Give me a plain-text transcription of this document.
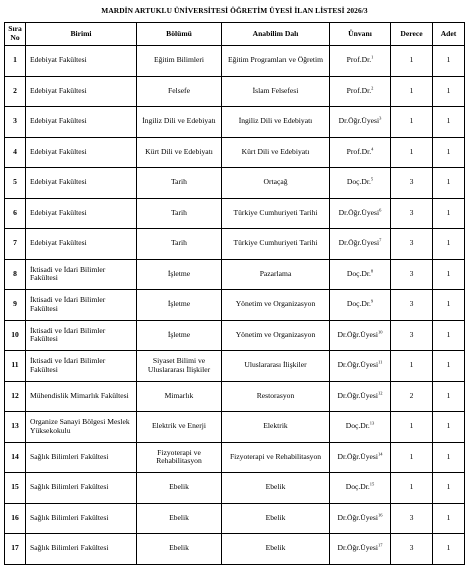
MARDİN ARTUKLU ÜNİVERSİTESİ ÖĞRETİM ÜYESİ İLAN LİSTESİ 2026/3
Sıra No	Birimi	Bölümü	Anabilim Dalı	Ünvanı	Derece	Adet
1	Edebiyat Fakültesi	Eğitim Bilimleri	Eğitim Programları ve Öğretim	Prof.Dr.$^1$	1	1
2	Edebiyat Fakültesi	Felsefe	İslam Felsefesi	Prof.Dr.$^2$	1	1
3	Edebiyat Fakültesi	İngiliz Dili ve Edebiyatı	İngiliz Dili ve Edebiyatı	Dr.Öğr.Üyesi$^3$	1	1
4	Edebiyat Fakültesi	Kürt Dili ve Edebiyatı	Kürt Dili ve Edebiyatı	Prof.Dr.$^4$	1	1
5	Edebiyat Fakültesi	Tarih	Ortaçağ	Doç.Dr.$^5$	3	1
6	Edebiyat Fakültesi	Tarih	Türkiye Cumhuriyeti Tarihi	Dr.Öğr.Üyesi$^6$	3	1
7	Edebiyat Fakültesi	Tarih	Türkiye Cumhuriyeti Tarihi	Dr.Öğr.Üyesi$^7$	3	1
8	İktisadi ve İdari Bilimler Fakültesi	İşletme	Pazarlama	Doç.Dr.$^8$	3	1
9	İktisadi ve İdari Bilimler Fakültesi	İşletme	Yönetim ve Organizasyon	Doç.Dr.$^9$	3	1
10	İktisadi ve İdari Bilimler Fakültesi	İşletme	Yönetim ve Organizasyon	Dr.Öğr.Üyesi$^{10}$	3	1
11	İktisadi ve İdari Bilimler Fakültesi	Siyaset Bilimi ve Uluslararası İlişkiler	Uluslararası İlişkiler	Dr.Öğr.Üyesi$^{11}$	1	1
12	Mühendislik Mimarlık Fakültesi	Mimarlık	Restorasyon	Dr.Öğr.Üyesi$^{12}$	2	1
13	Organize Sanayi Bölgesi Meslek Yüksekokulu	Elektrik ve Enerji	Elektrik	Doç.Dr.$^{13}$	1	1
14	Sağlık Bilimleri Fakültesi	Fizyoterapi ve Rehabilitasyon	Fizyoterapi ve Rehabilitasyon	Dr.Öğr.Üyesi$^{14}$	1	1
15	Sağlık Bilimleri Fakültesi	Ebelik	Ebelik	Doç.Dr.$^{15}$	1	1
16	Sağlık Bilimleri Fakültesi	Ebelik	Ebelik	Dr.Öğr.Üyesi$^{16}$	3	1
17	Sağlık Bilimleri Fakültesi	Ebelik	Ebelik	Dr.Öğr.Üyesi$^{17}$	3	1
